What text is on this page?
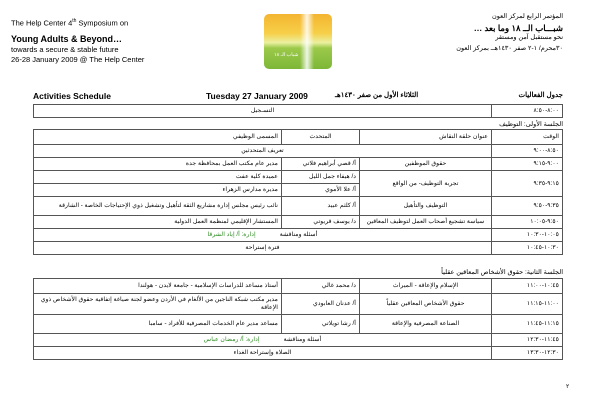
The Help Center 4th Symposium on
Young Adults & Beyond…
towards a secure & stable future
26-28 January 2009 @ The Help Center	شباب الـ ١٨
المؤتمر الرابع لمركز العون
شبـــاب الــ ١٨ وما بعد …
نحو مستقبل آمن ومستقر
٣٠محرم/ ١-٢ صفر ١٤٣٠هــ بمركز العون
Activities Schedule	Tuesday 27 January 2009	الثلاثاء الأول من صفر ١٤٣٠هـ	جدول الفعاليات
٨:٠٠-٨:٥٠	التسـجيل
الجلسة الأولى: التوظيف
الوقت	عنوان حلقة النقاش	المتحدث	المسمى الوظيفي
٨:٥٠-٩:٠٠	تعريف المتحدثين		
٩:٠٠-٩:١٥	حقوق الموظفين	أ/ قصي أبراهيم فلاتي	مدير عام مكتب العمل بمحافظة جدة
٩:١٥-٩:٣٥	تجربة التوظيف- من الواقع	د/ هيفاء جمل الليل	عميدة كلية عفت
		أ/ علا الأموي	مديرة مدارس الزهراء
٩:٣٥-٩:٥٠	التوظيف والتأهيل	أ/ كلثم عبيد	نائب رئيس مجلس إدارة مشاريع الثقة لتأهيل وتشغيل ذوي الإحتياجات الخاصة - الشارقة
٩:٥٠-١٠:٠٥	سياسة تشجيع أصحاب العمل لتوظيف المعاقين	د/ يوسف قريوتي	المستشار الإقليمي لمنظمة العمل الدولية
١٠:٠٥-١٠:٣٠	أسئلة ومناقشةإدارة: أ/ إياد الشرقا		
١٠:٣٠-١٠:٤٥	فترة إستراحة		
الجلسة الثانية: حقوق الأشخاص المعاقين عقلياً
١٠:٤٥-١١:٠٠	الإسلام والإعاقة - الميراث	د/ محمد غالي	أستاذ مساعد للدراسات الإسلامية - جامعة لايدن - هولندا
١١:٠٠-١١:١٥	حقوق الأشخاص المعاقين عقلياً	أ/ عدنان العابودي	مدير مكتب شبكة الناجين من الألغام في الأردن وعضو لجنة صياغة إتفاقية حقوق الأشخاص ذوي الإعاقة
١١:١٥-١١:٤٥	الصناعة المصرفية والإعاقة	أ/ رشا تويلاتي	مساعد مدير عام الخدمات المصرفية للأفراد - سامبا
١١:٤٥-١٢:٣٠	أسئلة ومناقشةإدارة: أ/ رمضان عباس		
١٢:٣٠-١٣:٣٠	الصلاة وإستراحة الغداء		
٢
